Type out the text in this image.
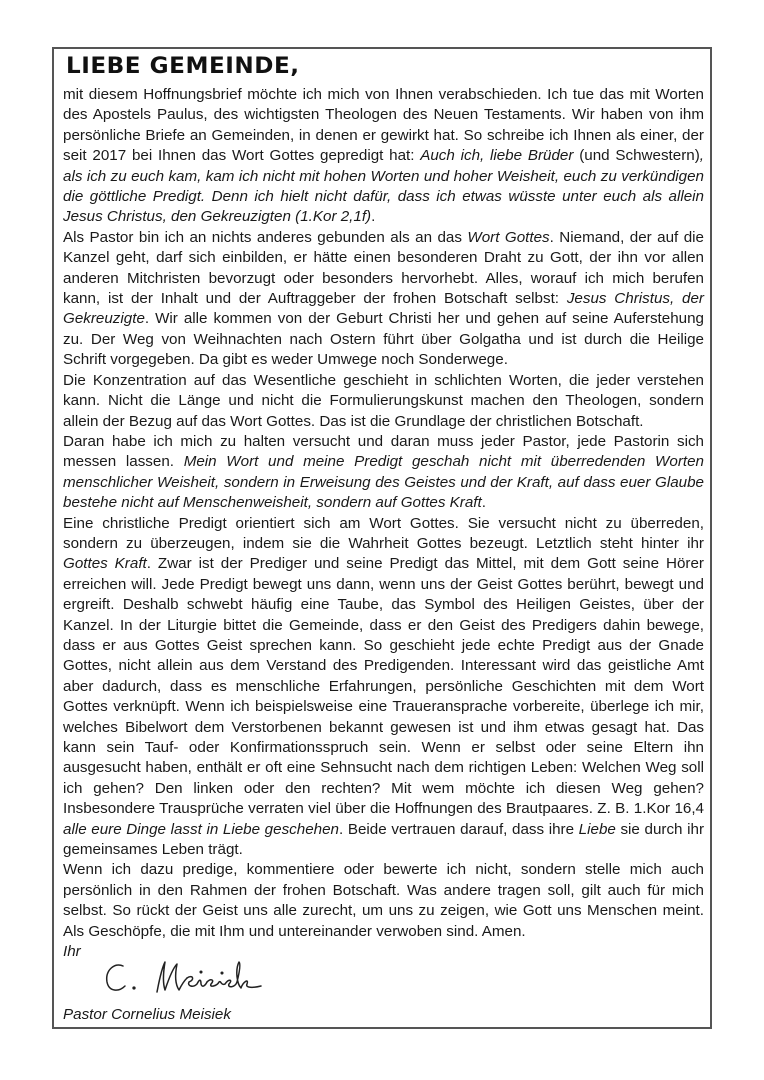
LIEBE GEMEINDE,

mit diesem Hoffnungsbrief möchte ich mich von Ihnen verabschieden. Ich tue das mit Worten des Apostels Paulus, des wichtigsten Theologen des Neuen Testaments. Wir haben von ihm persönliche Briefe an Gemeinden, in denen er gewirkt hat. So schreibe ich Ihnen als einer, der seit 2017 bei Ihnen das Wort Gottes gepredigt hat: Auch ich, liebe Brüder (und Schwestern), als ich zu euch kam, kam ich nicht mit hohen Worten und hoher Weisheit, euch zu verkündigen die göttliche Predigt. Denn ich hielt nicht dafür, dass ich etwas wüsste unter euch als allein Jesus Christus, den Gekreuzigten (1.Kor 2,1f).

Als Pastor bin ich an nichts anderes gebunden als an das Wort Gottes. Niemand, der auf die Kanzel geht, darf sich einbilden, er hätte einen besonderen Draht zu Gott, der ihn vor allen anderen Mitchristen bevorzugt oder besonders hervorhebt. Alles, worauf ich mich berufen kann, ist der Inhalt und der Auftraggeber der frohen Botschaft selbst: Jesus Christus, der Gekreuzigte. Wir alle kommen von der Geburt Christi her und gehen auf seine Auferstehung zu. Der Weg von Weihnachten nach Ostern führt über Golgatha und ist durch die Heilige Schrift vorgegeben. Da gibt es weder Umwege noch Sonderwege.

Die Konzentration auf das Wesentliche geschieht in schlichten Worten, die jeder verstehen kann. Nicht die Länge und nicht die Formulierungskunst machen den Theologen, sondern allein der Bezug auf das Wort Gottes. Das ist die Grundlage der christlichen Botschaft.

Daran habe ich mich zu halten versucht und daran muss jeder Pastor, jede Pastorin sich messen lassen. Mein Wort und meine Predigt geschah nicht mit überredenden Worten menschlicher Weisheit, sondern in Erweisung des Geistes und der Kraft, auf dass euer Glaube bestehe nicht auf Menschenweisheit, sondern auf Gottes Kraft.

Eine christliche Predigt orientiert sich am Wort Gottes. Sie versucht nicht zu überreden, sondern zu überzeugen, indem sie die Wahrheit Gottes bezeugt. Letztlich steht hinter ihr Gottes Kraft. Zwar ist der Prediger und seine Predigt das Mittel, mit dem Gott seine Hörer erreichen will. Jede Predigt bewegt uns dann, wenn uns der Geist Gottes berührt, bewegt und ergreift. Deshalb schwebt häufig eine Taube, das Symbol des Heiligen Geistes, über der Kanzel. In der Liturgie bittet die Gemeinde, dass er den Geist des Predigers dahin bewege, dass er aus Gottes Geist sprechen kann. So geschieht jede echte Predigt aus der Gnade Gottes, nicht allein aus dem Verstand des Predigenden. Interessant wird das geistliche Amt aber dadurch, dass es menschliche Erfahrungen, persönliche Geschichten mit dem Wort Gottes verknüpft. Wenn ich beispielsweise eine Traueransprache vorbereite, überlege ich mir, welches Bibelwort dem Verstorbenen bekannt gewesen ist und ihm etwas gesagt hat. Das kann sein Tauf- oder Konfirmationsspruch sein. Wenn er selbst oder seine Eltern ihn ausgesucht haben, enthält er oft eine Sehnsucht nach dem richtigen Leben: Welchen Weg soll ich gehen? Den linken oder den rechten? Mit wem möchte ich diesen Weg gehen? Insbesondere Trausprüche verraten viel über die Hoffnungen des Brautpaares. Z. B. 1.Kor 16,4 alle eure Dinge lasst in Liebe geschehen. Beide vertrauen darauf, dass ihre Liebe sie durch ihr gemeinsames Leben trägt.

Wenn ich dazu predige, kommentiere oder bewerte ich nicht, sondern stelle mich auch persönlich in den Rahmen der frohen Botschaft. Was andere tragen soll, gilt auch für mich selbst. So rückt der Geist uns alle zurecht, um uns zu zeigen, wie Gott uns Menschen meint. Als Geschöpfe, die mit Ihm und untereinander verwoben sind. Amen.

Ihr
Pastor Cornelius Meisiek
